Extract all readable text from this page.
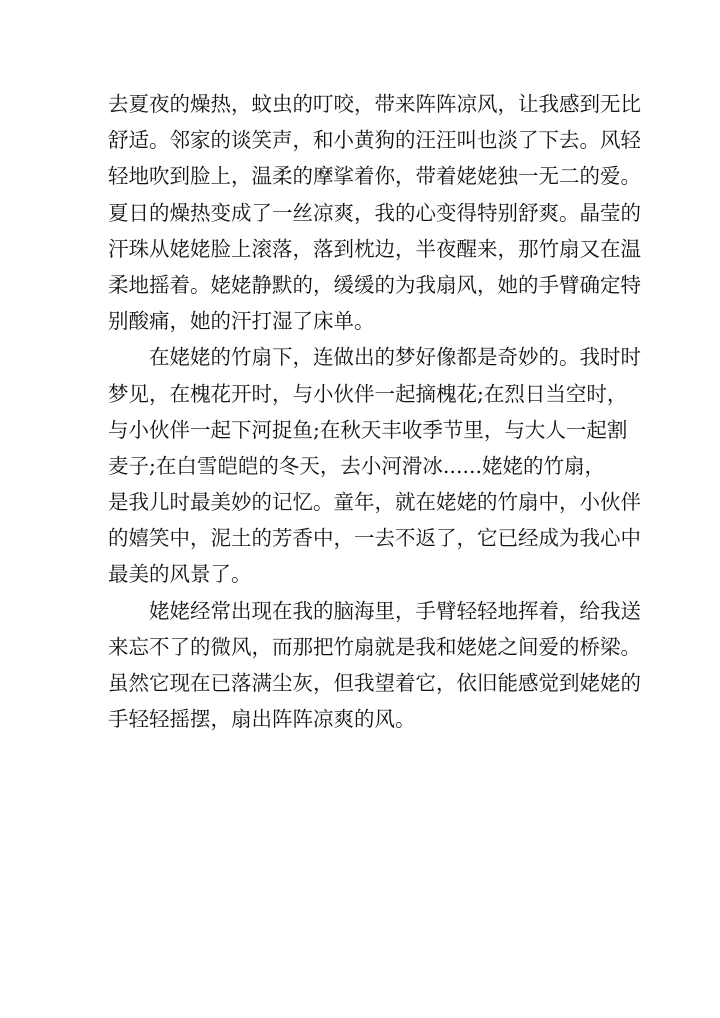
去夏夜的燥热，蚊虫的叮咬，带来阵阵凉风，让我感到无比
舒适。邻家的谈笑声，和小黄狗的汪汪叫也淡了下去。风轻
轻地吹到脸上，温柔的摩挲着你，带着姥姥独一无二的爱。
夏日的燥热变成了一丝凉爽，我的心变得特别舒爽。晶莹的
汗珠从姥姥脸上滚落，落到枕边，半夜醒来，那竹扇又在温
柔地摇着。姥姥静默的，缓缓的为我扇风，她的手臂确定特
别酸痛，她的汗打湿了床单。
在姥姥的竹扇下，连做出的梦好像都是奇妙的。我时时
梦见，在槐花开时，与小伙伴一起摘槐花;在烈日当空时，
与小伙伴一起下河捉鱼;在秋天丰收季节里，与大人一起割
麦子;在白雪皑皑的冬天，去小河滑冰......姥姥的竹扇，
是我儿时最美妙的记忆。童年，就在姥姥的竹扇中，小伙伴
的嬉笑中，泥土的芳香中，一去不返了，它已经成为我心中
最美的风景了。
姥姥经常出现在我的脑海里，手臂轻轻地挥着，给我送
来忘不了的微风，而那把竹扇就是我和姥姥之间爱的桥梁。
虽然它现在已落满尘灰，但我望着它，依旧能感觉到姥姥的
手轻轻摇摆，扇出阵阵凉爽的风。
